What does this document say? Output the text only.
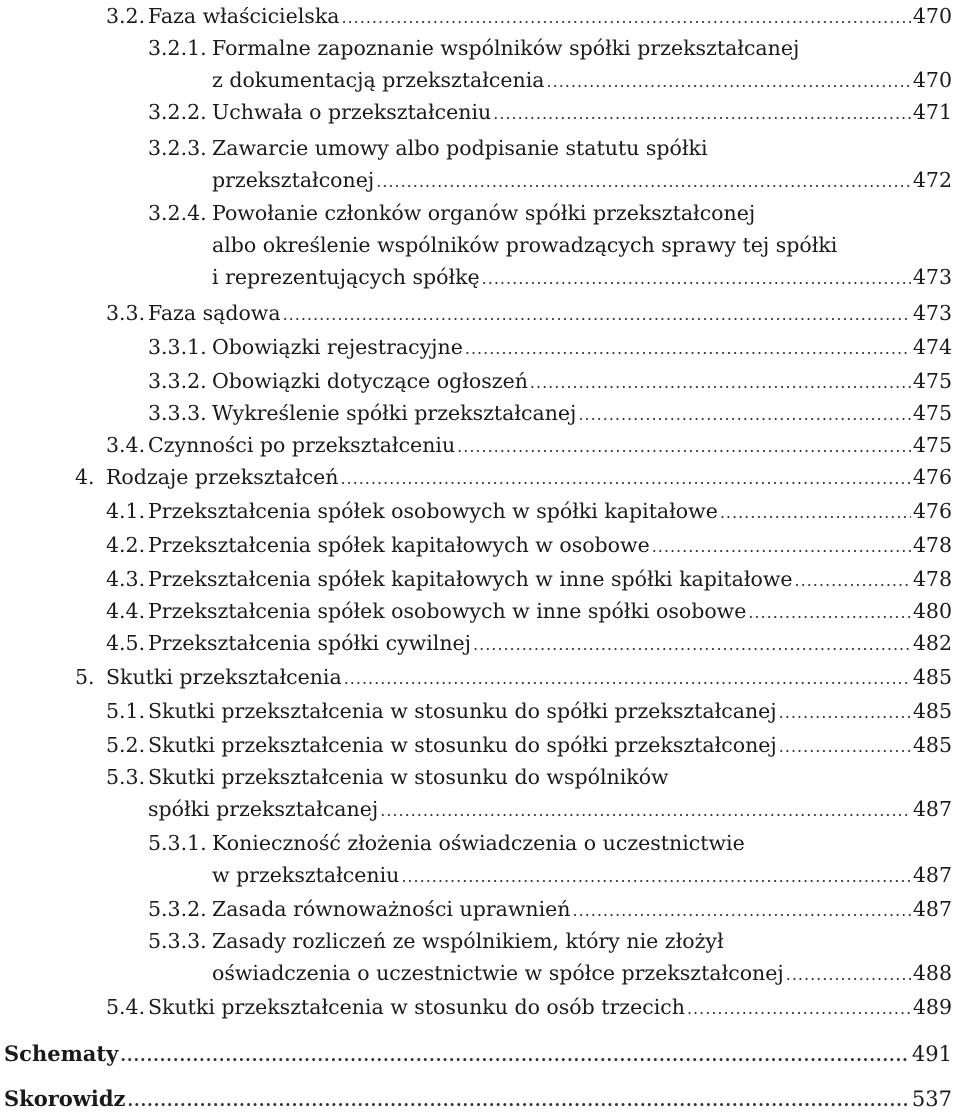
3.2. Faza właścicielska .....	470
3.2.1. Formalne zapoznanie wspólników spółki przekształcanej
z dokumentacją przekształcenia .....	470
3.2.2. Uchwała o przekształceniu .....	471
3.2.3. Zawarcie umowy albo podpisanie statutu spółki
przekształconej .....	472
3.2.4. Powołanie członków organów spółki przekształconej
albo określenie wspólników prowadzących sprawy tej spółki
i reprezentujących spółkę .....	473
3.3. Faza sądowa .....	473
3.3.1. Obowiązki rejestracyjne .....	474
3.3.2. Obowiązki dotyczące ogłoszeń .....	475
3.3.3. Wykreślenie spółki przekształcanej .....	475
3.4. Czynności po przekształceniu .....	475
4. Rodzaje przekształceń .....	476
4.1. Przekształcenia spółek osobowych w spółki kapitałowe .....	476
4.2. Przekształcenia spółek kapitałowych w osobowe .....	478
4.3. Przekształcenia spółek kapitałowych w inne spółki kapitałowe .....	478
4.4. Przekształcenia spółek osobowych w inne spółki osobowe .....	480
4.5. Przekształcenia spółki cywilnej .....	482
5. Skutki przekształcenia .....	485
5.1. Skutki przekształcenia w stosunku do spółki przekształcanej .....	485
5.2. Skutki przekształcenia w stosunku do spółki przekształconej .....	485
5.3. Skutki przekształcenia w stosunku do wspólników
spółki przekształcanej .....	487
5.3.1. Konieczność złożenia oświadczenia o uczestnictwie
w przekształceniu .....	487
5.3.2. Zasada równoważności uprawnień .....	487
5.3.3. Zasady rozliczeń ze wspólnikiem, który nie złożył
oświadczenia o uczestnictwie w spółce przekształconej .....	488
5.4. Skutki przekształcenia w stosunku do osób trzecich .....	489
Schematy .....	491
Skorowidz .....	537
